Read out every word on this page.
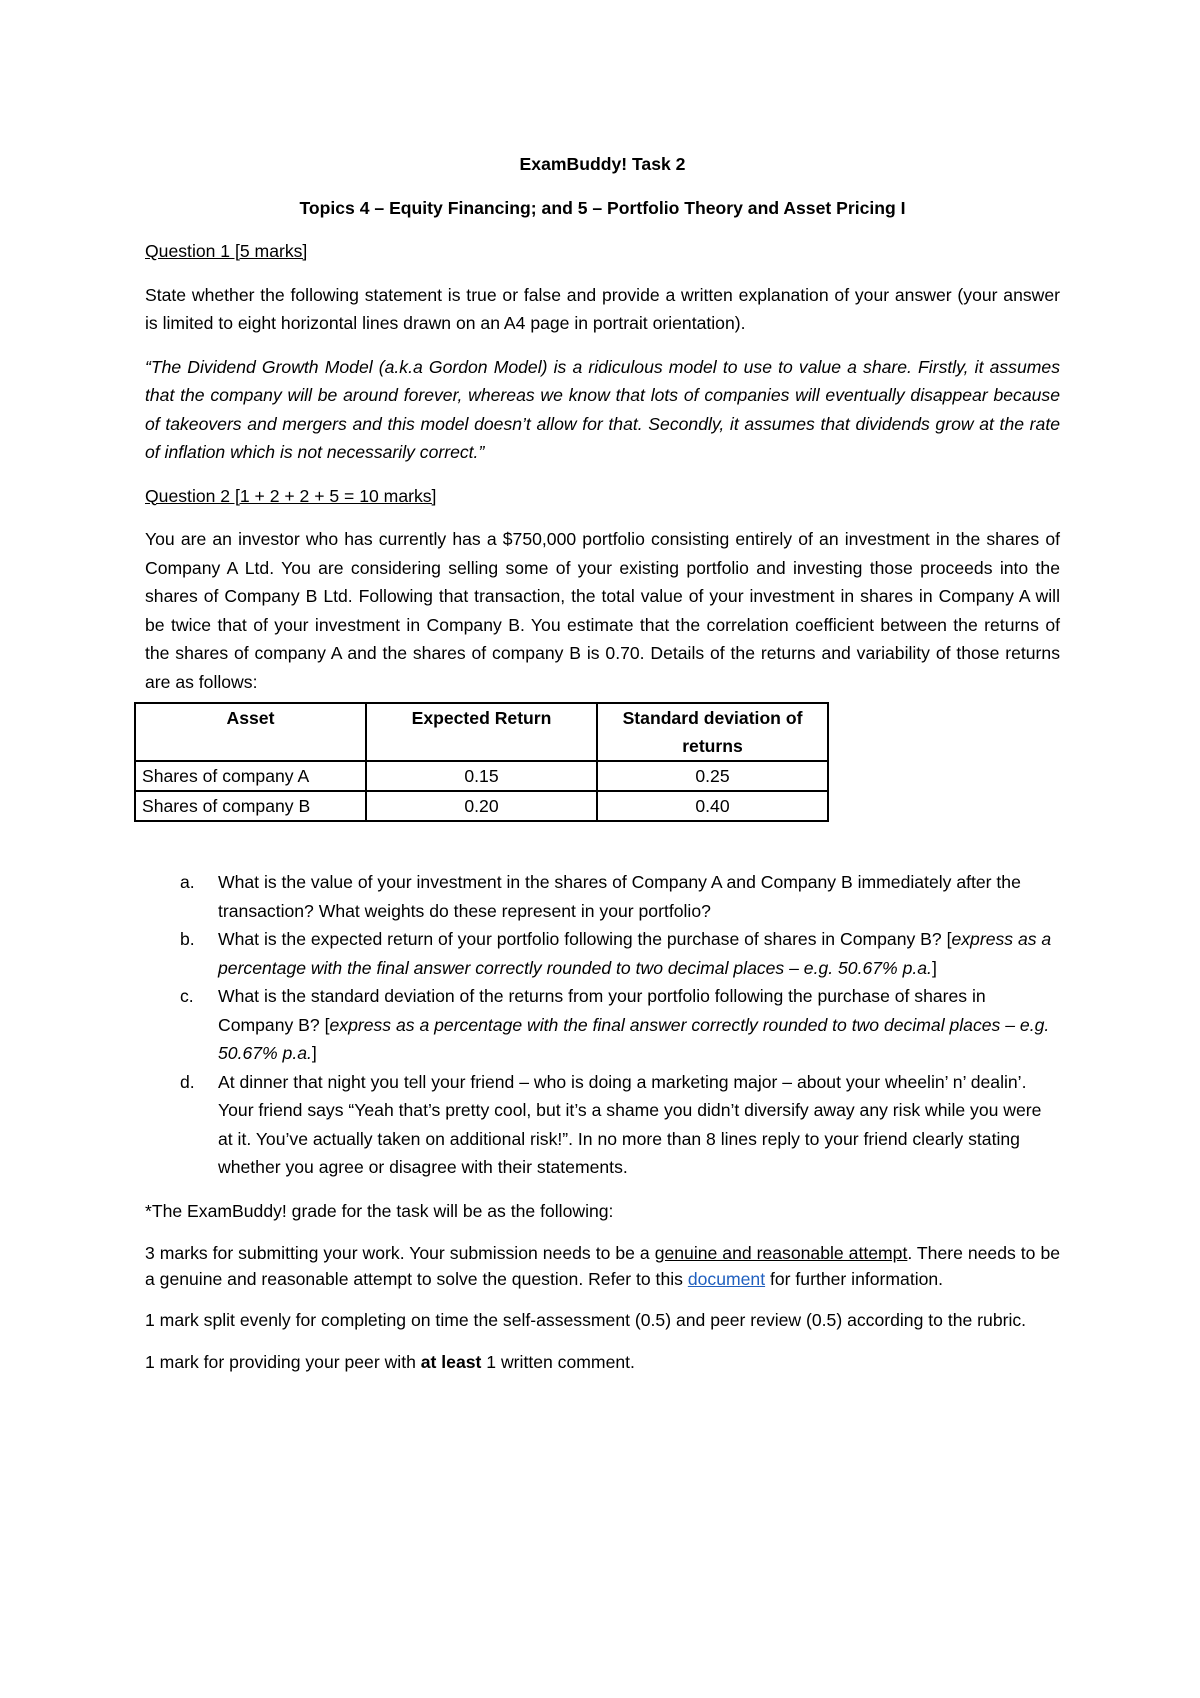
ExamBuddy! Task 2

Topics 4 – Equity Financing; and 5 – Portfolio Theory and Asset Pricing I

Question 1 [5 marks]

State whether the following statement is true or false and provide a written explanation of your answer (your answer is limited to eight horizontal lines drawn on an A4 page in portrait orientation).

“The Dividend Growth Model (a.k.a Gordon Model) is a ridiculous model to use to value a share. Firstly, it assumes that the company will be around forever, whereas we know that lots of companies will eventually disappear because of takeovers and mergers and this model doesn’t allow for that. Secondly, it assumes that dividends grow at the rate of inflation which is not necessarily correct.”

Question 2 [1 + 2 + 2 + 5 = 10 marks]

You are an investor who has currently has a $750,000 portfolio consisting entirely of an investment in the shares of Company A Ltd. You are considering selling some of your existing portfolio and investing those proceeds into the shares of Company B Ltd. Following that transaction, the total value of your investment in shares in Company A will be twice that of your investment in Company B. You estimate that the correlation coefficient between the returns of the shares of company A and the shares of company B is 0.70. Details of the returns and variability of those returns are as follows:

Asset	Expected Return	Standard deviation of returns
Shares of company A	0.15	0.25
Shares of company B	0.20	0.40
a. What is the value of your investment in the shares of Company A and Company B immediately after the transaction? What weights do these represent in your portfolio?
b. What is the expected return of your portfolio following the purchase of shares in Company B? [express as a percentage with the final answer correctly rounded to two decimal places – e.g. 50.67% p.a.]
c. What is the standard deviation of the returns from your portfolio following the purchase of shares in Company B? [express as a percentage with the final answer correctly rounded to two decimal places – e.g. 50.67% p.a.]
d. At dinner that night you tell your friend – who is doing a marketing major – about your wheelin’ n’ dealin’. Your friend says “Yeah that’s pretty cool, but it’s a shame you didn’t diversify away any risk while you were at it. You’ve actually taken on additional risk!”. In no more than 8 lines reply to your friend clearly stating whether you agree or disagree with their statements.

*The ExamBuddy! grade for the task will be as the following:

3 marks for submitting your work. Your submission needs to be a genuine and reasonable attempt. There needs to be a genuine and reasonable attempt to solve the question. Refer to this document for further information.

1 mark split evenly for completing on time the self-assessment (0.5) and peer review (0.5) according to the rubric.

1 mark for providing your peer with at least 1 written comment.
